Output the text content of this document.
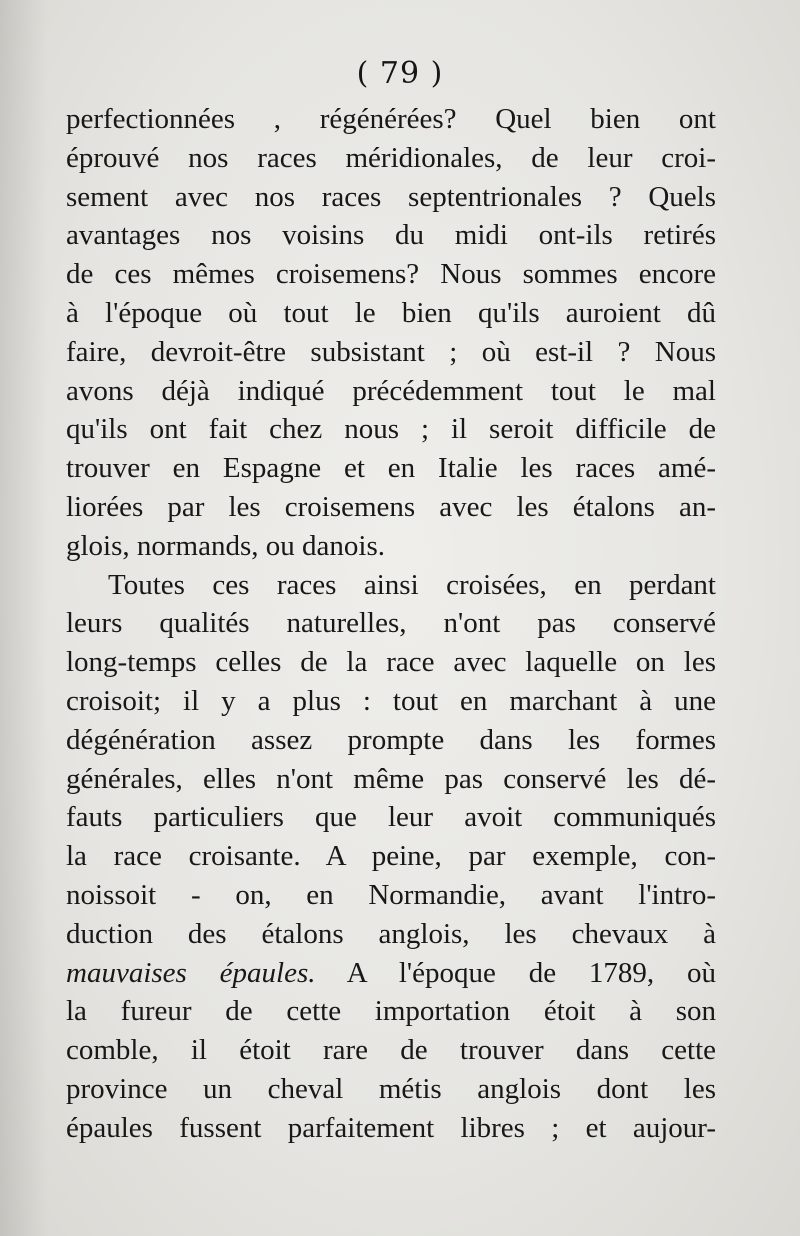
( 79 )
perfectionnées , régénérées? Quel bien ont
éprouvé nos races méridionales, de leur croi-
sement avec nos races septentrionales ? Quels
avantages nos voisins du midi ont-ils retirés
de ces mêmes croisemens? Nous sommes encore
à l'époque où tout le bien qu'ils auroient dû
faire, devroit-être subsistant ; où est-il ? Nous
avons déjà indiqué précédemment tout le mal
qu'ils ont fait chez nous ; il seroit difficile de
trouver en Espagne et en Italie les races amé-
liorées par les croisemens avec les étalons an-
glois, normands, ou danois.
Toutes ces races ainsi croisées, en perdant
leurs qualités naturelles, n'ont pas conservé
long-temps celles de la race avec laquelle on les
croisoit; il y a plus : tout en marchant à une
dégénération assez prompte dans les formes
générales, elles n'ont même pas conservé les dé-
fauts particuliers que leur avoit communiqués
la race croisante. A peine, par exemple, con-
noissoit - on, en Normandie, avant l'intro-
duction des étalons anglois, les chevaux à
mauvaises épaules. A l'époque de 1789, où
la fureur de cette importation étoit à son
comble, il étoit rare de trouver dans cette
province un cheval métis anglois dont les
épaules fussent parfaitement libres ; et aujour-
